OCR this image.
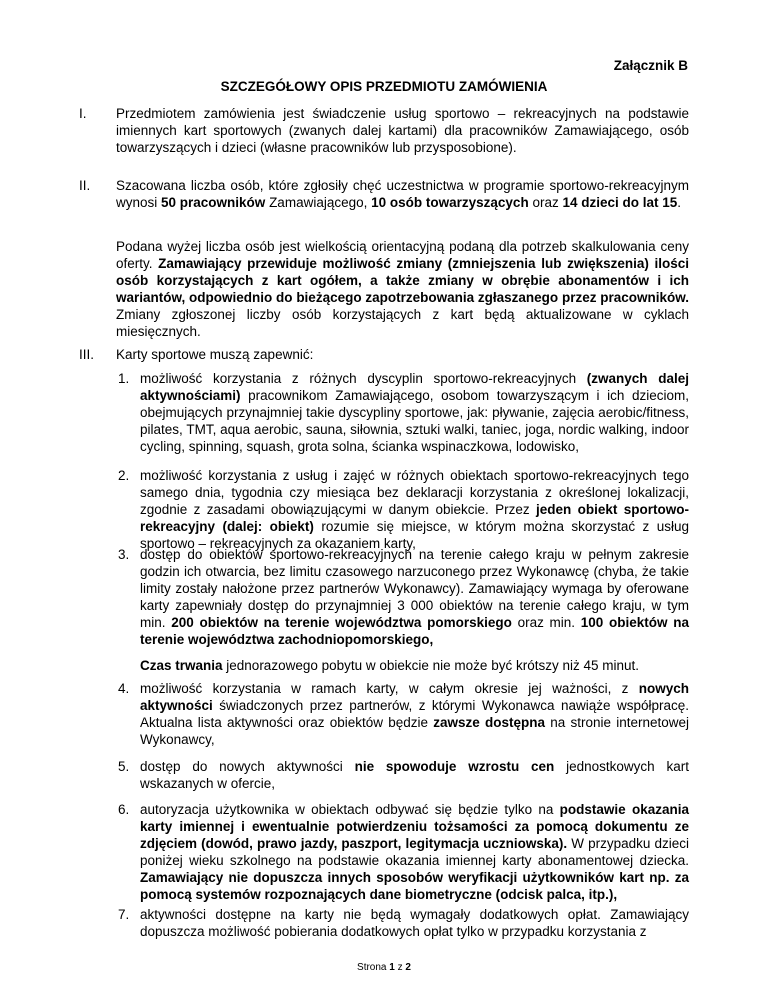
Załącznik B
SZCZEGÓŁOWY OPIS PRZEDMIOTU ZAMÓWIENIA
I. Przedmiotem zamówienia jest świadczenie usług sportowo – rekreacyjnych na podstawie imiennych kart sportowych (zwanych dalej kartami) dla pracowników Zamawiającego, osób towarzyszących i dzieci (własne pracowników lub przysposobione).
II. Szacowana liczba osób, które zgłosiły chęć uczestnictwa w programie sportowo-rekreacyjnym wynosi 50 pracowników Zamawiającego, 10 osób towarzyszących oraz 14 dzieci do lat 15.
Podana wyżej liczba osób jest wielkością orientacyjną podaną dla potrzeb skalkulowania ceny oferty. Zamawiający przewiduje możliwość zmiany (zmniejszenia lub zwiększenia) ilości osób korzystających z kart ogółem, a także zmiany w obrębie abonamentów i ich wariantów, odpowiednio do bieżącego zapotrzebowania zgłaszanego przez pracowników. Zmiany zgłoszonej liczby osób korzystających z kart będą aktualizowane w cyklach miesięcznych.
III. Karty sportowe muszą zapewnić:
1. możliwość korzystania z różnych dyscyplin sportowo-rekreacyjnych (zwanych dalej aktywnościami) pracownikom Zamawiającego, osobom towarzyszącym i ich dzieciom, obejmujących przynajmniej takie dyscypliny sportowe, jak: pływanie, zajęcia aerobic/fitness, pilates, TMT, aqua aerobic, sauna, siłownia, sztuki walki, taniec, joga, nordic walking, indoor cycling, spinning, squash, grota solna, ścianka wspinaczkowa, lodowisko,
2. możliwość korzystania z usług i zajęć w różnych obiektach sportowo-rekreacyjnych tego samego dnia, tygodnia czy miesiąca bez deklaracji korzystania z określonej lokalizacji, zgodnie z zasadami obowiązującymi w danym obiekcie. Przez jeden obiekt sportowo-rekreacyjny (dalej: obiekt) rozumie się miejsce, w którym można skorzystać z usług sportowo – rekreacyjnych za okazaniem karty,
3. dostęp do obiektów sportowo-rekreacyjnych na terenie całego kraju w pełnym zakresie godzin ich otwarcia, bez limitu czasowego narzuconego przez Wykonawcę (chyba, że takie limity zostały nałożone przez partnerów Wykonawcy). Zamawiający wymaga by oferowane karty zapewniały dostęp do przynajmniej 3 000 obiektów na terenie całego kraju, w tym min. 200 obiektów na terenie województwa pomorskiego oraz min. 100 obiektów na terenie województwa zachodniopomorskiego,
Czas trwania jednorazowego pobytu w obiekcie nie może być krótszy niż 45 minut.
4. możliwość korzystania w ramach karty, w całym okresie jej ważności, z nowych aktywności świadczonych przez partnerów, z którymi Wykonawca nawiąże współpracę. Aktualna lista aktywności oraz obiektów będzie zawsze dostępna na stronie internetowej Wykonawcy,
5. dostęp do nowych aktywności nie spowoduje wzrostu cen jednostkowych kart wskazanych w ofercie,
6. autoryzacja użytkownika w obiektach odbywać się będzie tylko na podstawie okazania karty imiennej i ewentualnie potwierdzeniu tożsamości za pomocą dokumentu ze zdjęciem (dowód, prawo jazdy, paszport, legitymacja uczniowska). W przypadku dzieci poniżej wieku szkolnego na podstawie okazania imiennej karty abonamentowej dziecka. Zamawiający nie dopuszcza innych sposobów weryfikacji użytkowników kart np. za pomocą systemów rozpoznających dane biometryczne (odcisk palca, itp.),
7. aktywności dostępne na karty nie będą wymagały dodatkowych opłat. Zamawiający dopuszcza możliwość pobierania dodatkowych opłat tylko w przypadku korzystania z
Strona 1 z 2
